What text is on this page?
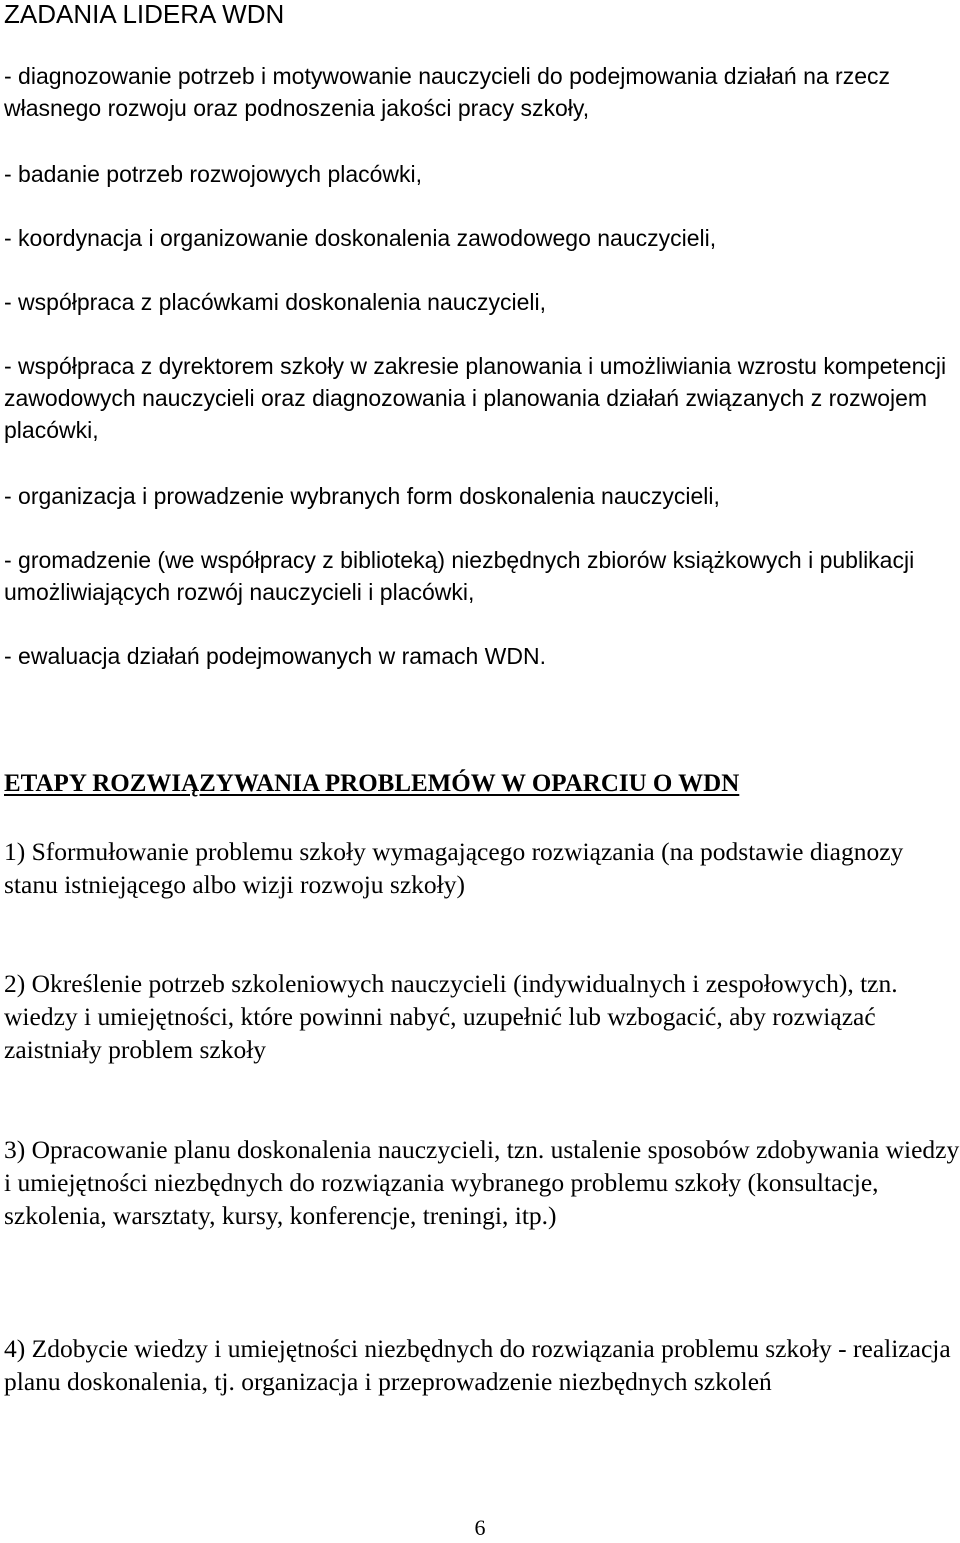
ZADANIA LIDERA WDN

- diagnozowanie potrzeb i motywowanie nauczycieli do podejmowania działań na rzecz własnego rozwoju oraz podnoszenia jakości pracy szkoły,

- badanie potrzeb rozwojowych placówki,

- koordynacja i organizowanie doskonalenia zawodowego nauczycieli,

- współpraca z placówkami doskonalenia nauczycieli,

- współpraca z dyrektorem szkoły w zakresie planowania i umożliwiania wzrostu kompetencji zawodowych nauczycieli oraz diagnozowania i planowania działań związanych z rozwojem placówki,

- organizacja i prowadzenie wybranych form doskonalenia nauczycieli,

- gromadzenie (we współpracy z biblioteką) niezbędnych zbiorów książkowych i publikacji umożliwiających rozwój nauczycieli i placówki,

- ewaluacja działań podejmowanych w ramach WDN.

ETAPY ROZWIĄZYWANIA PROBLEMÓW W OPARCIU O WDN

1) Sformułowanie problemu szkoły wymagającego rozwiązania (na podstawie diagnozy stanu istniejącego albo wizji rozwoju szkoły)

2) Określenie potrzeb szkoleniowych nauczycieli (indywidualnych i zespołowych), tzn. wiedzy i umiejętności, które powinni nabyć, uzupełnić lub wzbogacić, aby rozwiązać zaistniały problem szkoły

3) Opracowanie planu doskonalenia nauczycieli, tzn. ustalenie sposobów zdobywania wiedzy i umiejętności niezbędnych do rozwiązania wybranego problemu szkoły (konsultacje, szkolenia, warsztaty, kursy, konferencje, treningi, itp.)

4) Zdobycie wiedzy i umiejętności niezbędnych do rozwiązania problemu szkoły - realizacja planu doskonalenia, tj. organizacja i przeprowadzenie niezbędnych szkoleń

6
